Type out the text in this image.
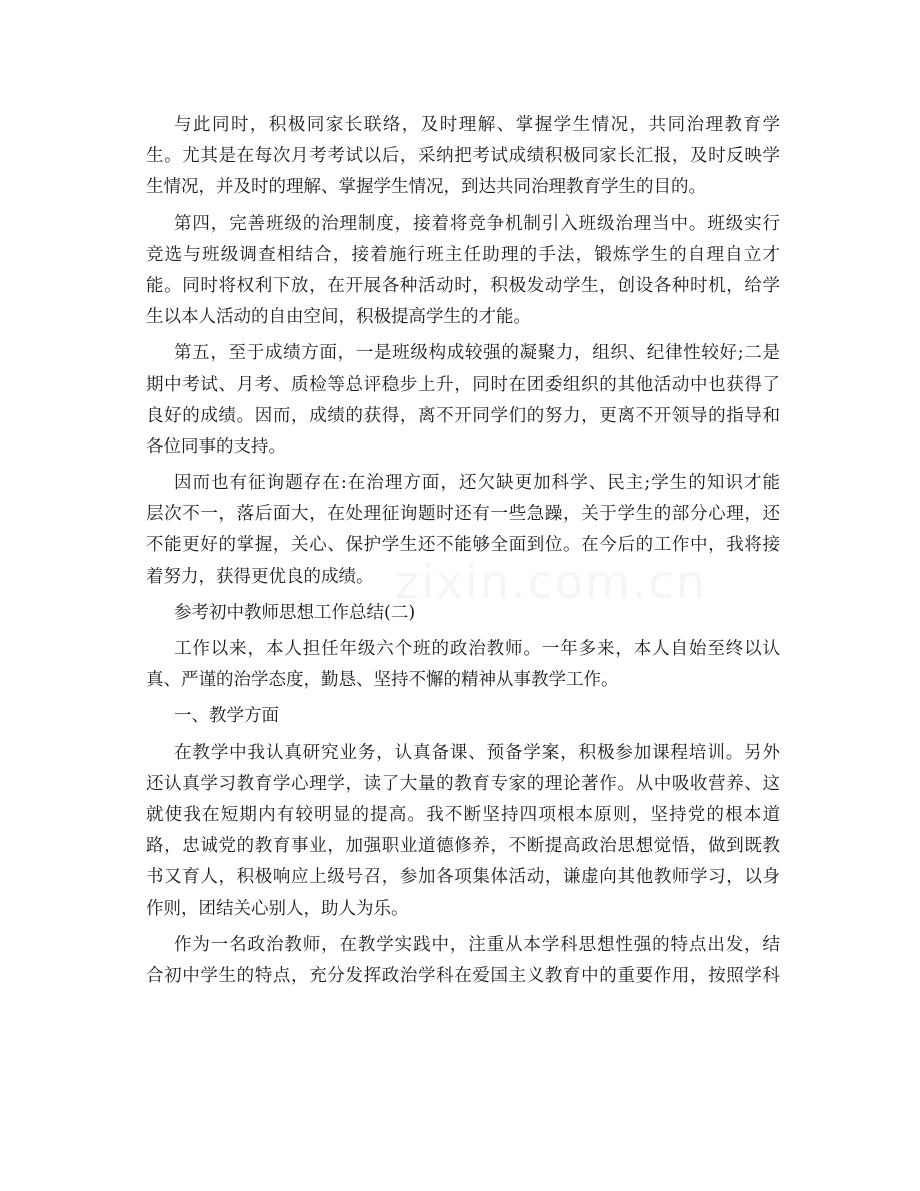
与此同时，积极同家长联络，及时理解、掌握学生情况，共同治理教育学
生。尤其是在每次月考考试以后，采纳把考试成绩积极同家长汇报，及时反映学
生情况，并及时的理解、掌握学生情况，到达共同治理教育学生的目的。
第四，完善班级的治理制度，接着将竞争机制引入班级治理当中。班级实行
竞选与班级调查相结合，接着施行班主任助理的手法，锻炼学生的自理自立才
能。同时将权利下放，在开展各种活动时，积极发动学生，创设各种时机，给学
生以本人活动的自由空间，积极提高学生的才能。
第五，至于成绩方面，一是班级构成较强的凝聚力，组织、纪律性较好;二是
期中考试、月考、质检等总评稳步上升，同时在团委组织的其他活动中也获得了
良好的成绩。因而，成绩的获得，离不开同学们的努力，更离不开领导的指导和
各位同事的支持。
因而也有征询题存在:在治理方面，还欠缺更加科学、民主;学生的知识才能
层次不一，落后面大，在处理征询题时还有一些急躁，关于学生的部分心理，还
不能更好的掌握，关心、保护学生还不能够全面到位。在今后的工作中，我将接
着努力，获得更优良的成绩。
参考初中教师思想工作总结(二)
工作以来，本人担任年级六个班的政治教师。一年多来，本人自始至终以认
真、严谨的治学态度，勤恳、坚持不懈的精神从事教学工作。
一、教学方面
在教学中我认真研究业务，认真备课、预备学案，积极参加课程培训。另外
还认真学习教育学心理学，读了大量的教育专家的理论著作。从中吸收营养、这
就使我在短期内有较明显的提高。我不断坚持四项根本原则，坚持党的根本道
路，忠诚党的教育事业，加强职业道德修养，不断提高政治思想觉悟，做到既教
书又育人，积极响应上级号召，参加各项集体活动，谦虚向其他教师学习，以身
作则，团结关心别人，助人为乐。
作为一名政治教师，在教学实践中，注重从本学科思想性强的特点出发，结
合初中学生的特点，充分发挥政治学科在爱国主义教育中的重要作用，按照学科
